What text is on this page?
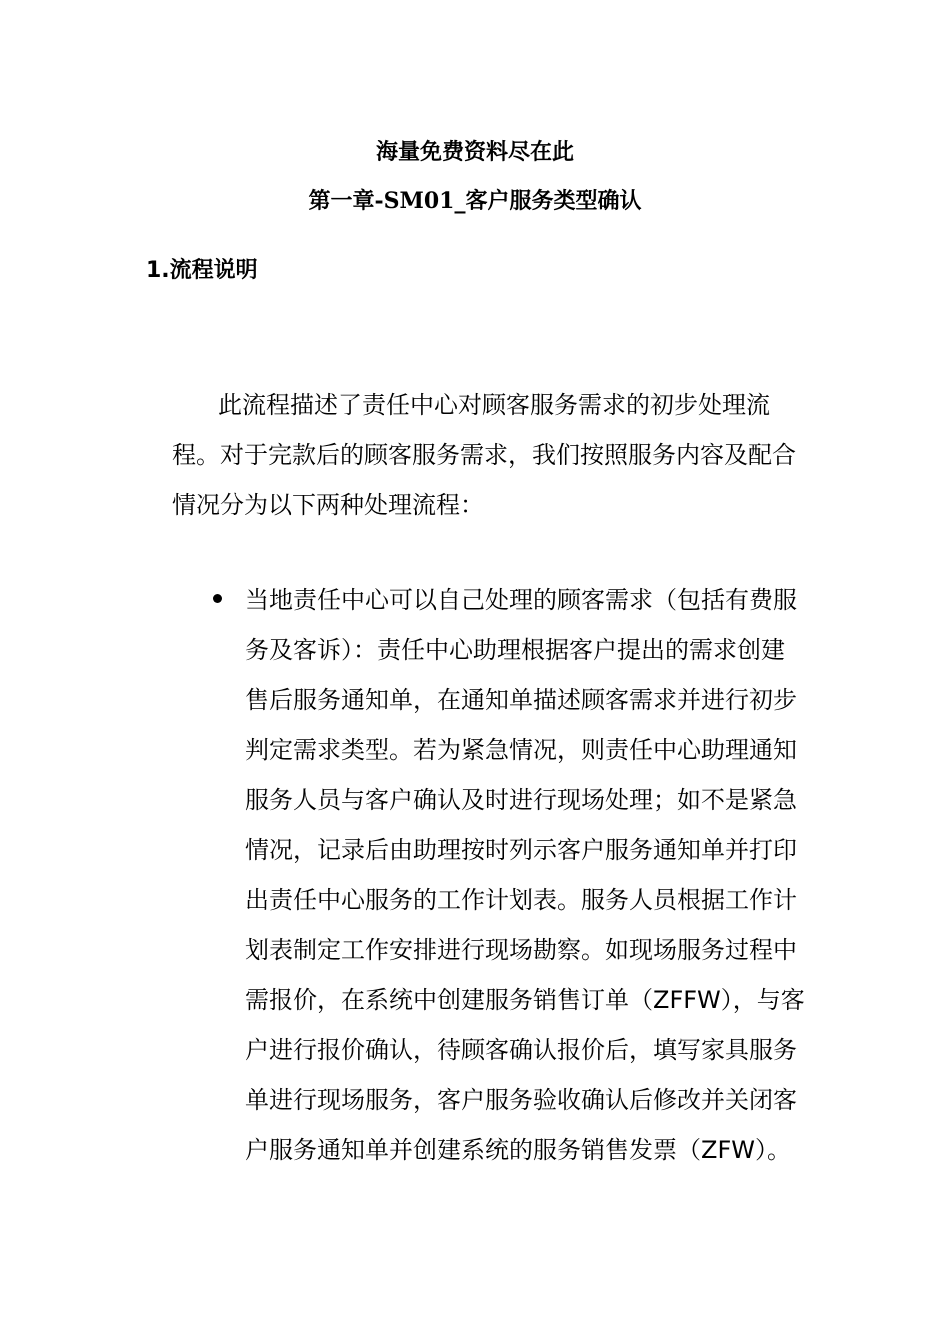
海量免费资料尽在此
第一章-SM01_客户服务类型确认
1.流程说明

此流程描述了责任中心对顾客服务需求的初步处理流程。对于完款后的顾客服务需求，我们按照服务内容及配合情况分为以下两种处理流程：

当地责任中心可以自己处理的顾客需求（包括有费服务及客诉）：责任中心助理根据客户提出的需求创建售后服务通知单，在通知单描述顾客需求并进行初步判定需求类型。若为紧急情况，则责任中心助理通知服务人员与客户确认及时进行现场处理；如不是紧急情况，记录后由助理按时列示客户服务通知单并打印出责任中心服务的工作计划表。服务人员根据工作计划表制定工作安排进行现场勘察。如现场服务过程中需报价，在系统中创建服务销售订单（ZFFW），与客户进行报价确认，待顾客确认报价后，填写家具服务单进行现场服务，客户服务验收确认后修改并关闭客户服务通知单并创建系统的服务销售发票（ZFW）。
